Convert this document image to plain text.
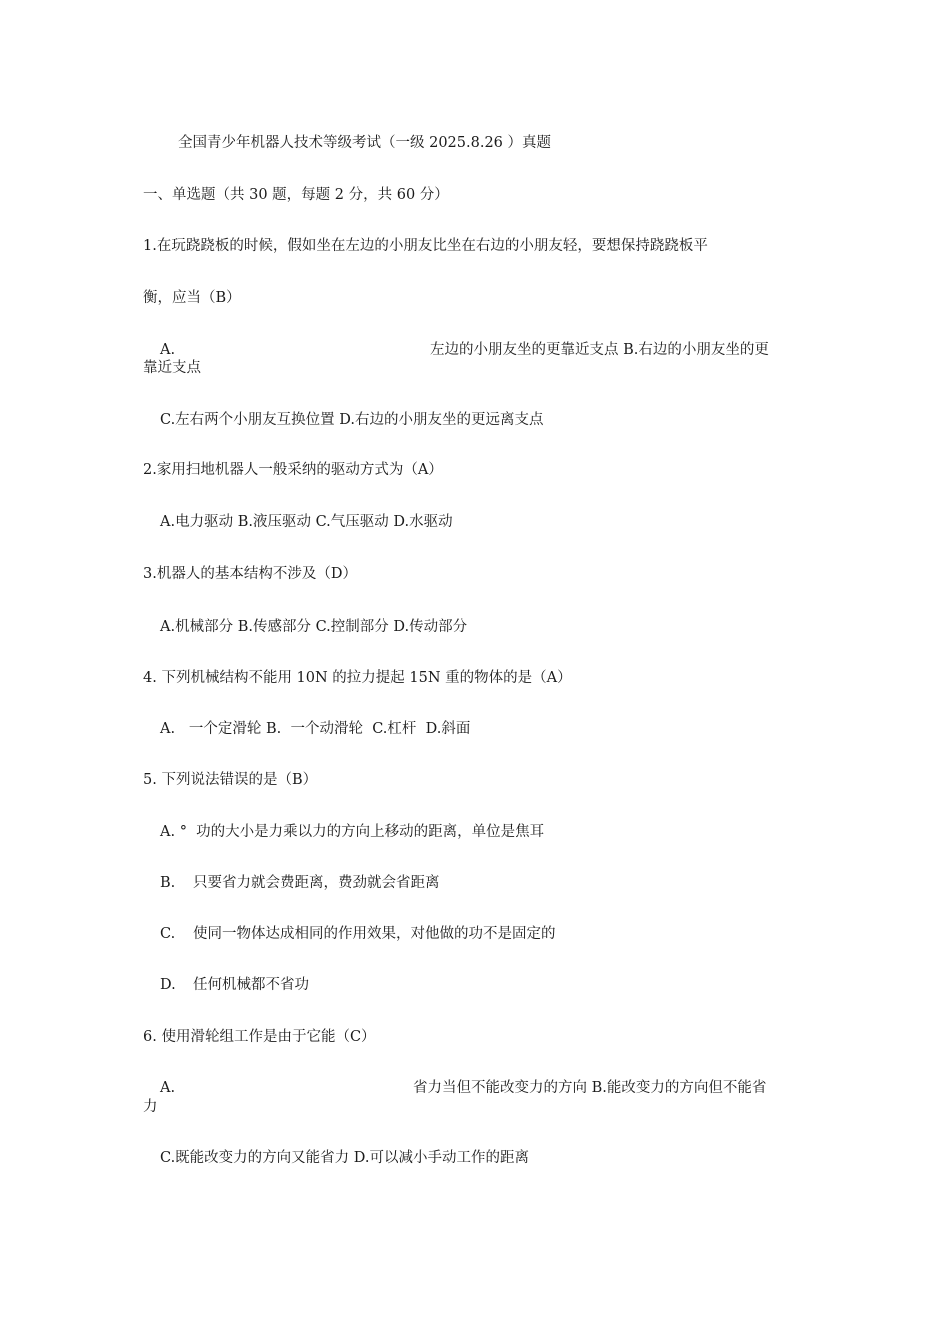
全国青少年机器人技术等级考试（一级 2025.8.26 ）真题
一、单选题（共 30 题，每题 2 分，共 60 分）
1.在玩跷跷板的时候，假如坐在左边的小朋友比坐在右边的小朋友轻，要想保持跷跷板平
衡，应当（B）
A.	左边的小朋友坐的更靠近支点 B.右边的小朋友坐的更
靠近支点
C.左右两个小朋友互换位置 D.右边的小朋友坐的更远离支点
2.家用扫地机器人一般采纳的驱动方式为（A）
A.电力驱动 B.液压驱动 C.气压驱动 D.水驱动
3.机器人的基本结构不涉及（D）
A.机械部分 B.传感部分 C.控制部分 D.传动部分
4. 下列机械结构不能用 10N 的拉力提起 15N 重的物体的是（A）
A.   一个定滑轮 B.  一个动滑轮  C.杠杆  D.斜面
5. 下列说法错误的是（B）
A. °  功的大小是力乘以力的方向上移动的距离，单位是焦耳
B. 只要省力就会费距离，费劲就会省距离
C. 使同一物体达成相同的作用效果，对他做的功不是固定的
D. 任何机械都不省功
6. 使用滑轮组工作是由于它能（C）
A.	省力当但不能改变力的方向 B.能改变力的方向但不能省
力
C.既能改变力的方向又能省力 D.可以减小手动工作的距离
